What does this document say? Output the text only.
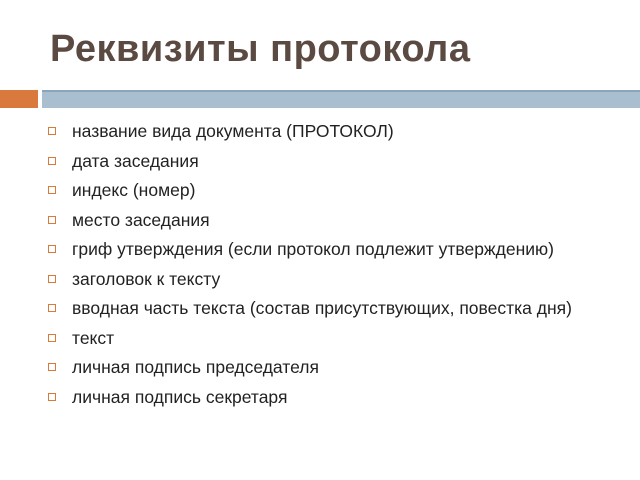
Реквизиты протокола
название вида документа (ПРОТОКОЛ)
дата заседания
индекс (номер)
место заседания
гриф утверждения (если протокол подлежит утверждению)
заголовок к тексту
вводная часть текста (состав присутствующих, повестка дня)
текст
личная подпись председателя
личная подпись секретаря
